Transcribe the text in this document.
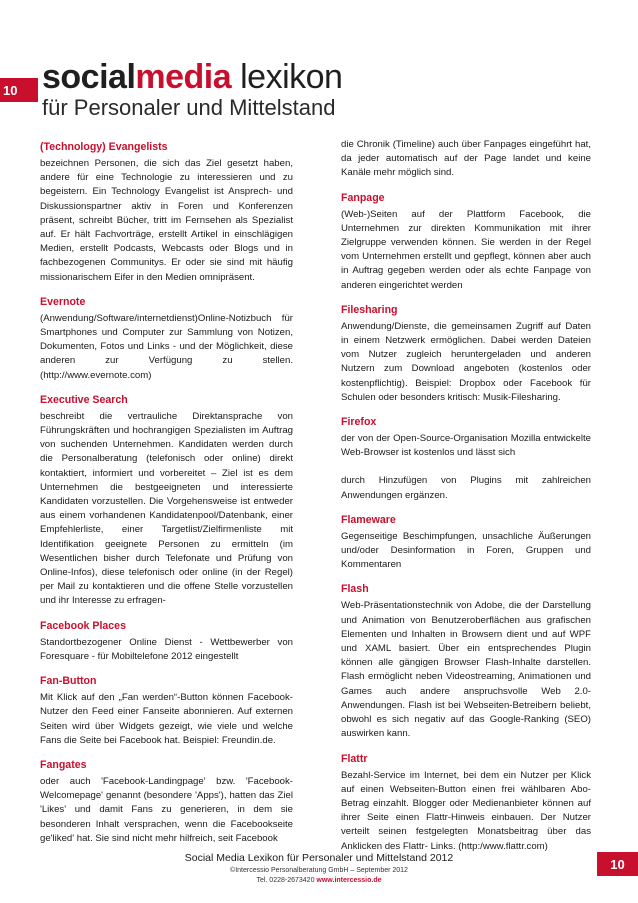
10 socialmedia lexikon
für Personaler und Mittelstand
(Technology) Evangelists

bezeichnen Personen, die sich das Ziel gesetzt haben, andere für eine Technologie zu interessieren und zu begeistern. Ein Technology Evangelist ist Ansprech- und Diskussionspartner aktiv in Foren und Konferenzen präsent, schreibt Bücher, tritt im Fernsehen als Spezialist auf. Er hält Fachvorträge, erstellt Artikel in einschlägigen Medien, erstellt Podcasts, Webcasts oder Blogs und in fachbezogenen Communitys. Er oder sie sind mit häufig missionarischem Eifer in den Medien omnipräsent.

Evernote

(Anwendung/Software/internetdienst)Online-Notizbuch für Smartphones und Computer zur Sammlung von Notizen, Dokumenten, Fotos und Links - und der Möglichkeit, diese anderen zur Verfügung zu stellen. (http://www.evernote.com)

Executive Search

beschreibt die vertrauliche Direktansprache von Führungskräften und hochrangigen Spezialisten im Auftrag von suchenden Unternehmen. Kandidaten werden durch die Personalberatung (telefonisch oder online) direkt kontaktiert, informiert und vorbereitet – Ziel ist es dem Unternehmen die bestgeeigneten und interessierte Kandidaten vorzustellen. Die Vorgehensweise ist entweder aus einem vorhandenen Kandidatenpool/Datenbank, einer Empfehlerliste, einer Targetlist/Zielfirmenliste mit Identifikation geeignete Personen zu ermitteln (im Wesentlichen bisher durch Telefonate und Prüfung von Online-Infos), diese telefonisch oder online (in der Regel) per Mail zu kontaktieren und die offene Stelle vorzustellen und ihr Interesse zu erfragen-

Facebook Places

Standortbezogener Online Dienst - Wettbewerber von Foresquare - für Mobiltelefone 2012 eingestellt

Fan-Button

Mit Klick auf den „Fan werden“-Button können Facebook-Nutzer den Feed einer Fanseite abonnieren. Auf externen Seiten wird über Widgets gezeigt, wie viele und welche Fans die Seite bei Facebook hat. Beispiel: Freundin.de.

Fangates

oder auch 'Facebook-Landingpage' bzw. 'Facebook-Welcomepage' genannt (besondere 'Apps'), hatten das Ziel 'Likes' und damit Fans zu generieren, in dem sie besonderen Inhalt versprachen, wenn die Facebookseite ge'liked' hat. Sie sind nicht mehr hilfreich, seit Facebook

die Chronik (Timeline) auch über Fanpages eingeführt hat, da jeder automatisch auf der Page landet und keine Kanäle mehr möglich sind.

Fanpage

(Web-)Seiten auf der Plattform Facebook, die Unternehmen zur direkten Kommunikation mit ihrer Zielgruppe verwenden können. Sie werden in der Regel vom Unternehmen erstellt und gepflegt, können aber auch in Auftrag gegeben werden oder als echte Fanpage von anderen eingerichtet werden

Filesharing

Anwendung/Dienste, die gemeinsamen Zugriff auf Daten in einem Netzwerk ermöglichen. Dabei werden Dateien vom Nutzer zugleich heruntergeladen und anderen Nutzern zum Download angeboten (kostenlos oder kostenpflichtig). Beispiel: Dropbox oder Facebook für Schulen oder besonders kritisch: Musik-Filesharing.

Firefox

der von der Open-Source-Organisation Mozilla entwickelte Web-Browser ist kostenlos und lässt sich

durch Hinzufügen von Plugins mit zahlreichen Anwendungen ergänzen.

Flameware

Gegenseitige Beschimpfungen, unsachliche Äußerungen und/oder Desinformation in Foren, Gruppen und Kommentaren

Flash

Web-Präsentationstechnik von Adobe, die der Darstellung und Animation von Benutzeroberflächen aus grafischen Elementen und Inhalten in Browsern dient und auf WPF und XAML basiert. Über ein entsprechendes Plugin können alle gängigen Browser Flash-Inhalte darstellen. Flash ermöglicht neben Videostreaming, Animationen und Games auch andere anspruchsvolle Web 2.0-Anwendungen. Flash ist bei Webseiten-Betreibern beliebt, obwohl es sich negativ auf das Google-Ranking (SEO) auswirken kann.

Flattr

Bezahl-Service im Internet, bei dem ein Nutzer per Klick auf einen Webseiten-Button einen frei wählbaren Abo-Betrag einzahlt. Blogger oder Medienanbieter können auf ihrer Seite einen Flattr-Hinweis einbauen. Der Nutzer verteilt seinen festgelegten Monatsbeitrag über das Anklicken des Flattr- Links. (http:/www.flattr.com)

Social Media Lexikon für Personaler und Mittelstand 2012
©Intercessio Personalberatung GmbH – September 2012
Tel. 0228-2673420 www.intercessio.de
10
